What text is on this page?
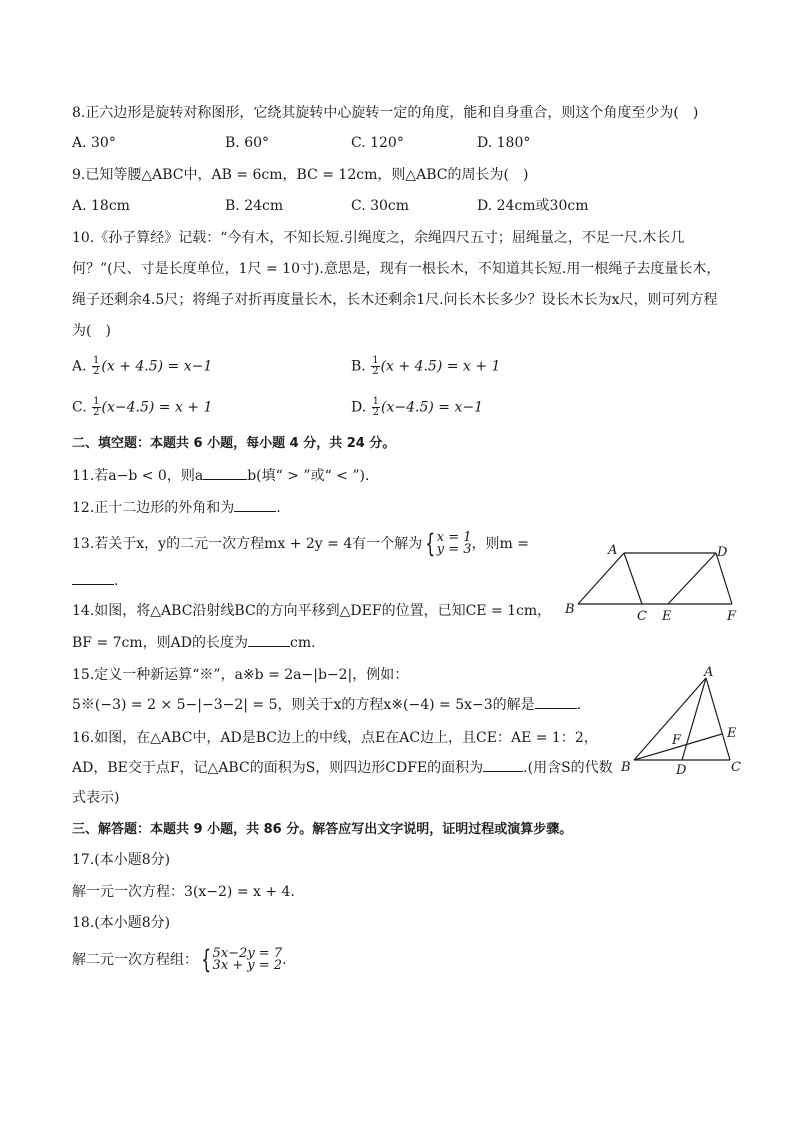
8.正六边形是旋转对称图形，它绕其旋转中心旋转一定的角度，能和自身重合，则这个角度至少为(　)
A. 30°	B. 60°	C. 120°	D. 180°
9.已知等腰△ABC中，AB = 6cm，BC = 12cm，则△ABC的周长为(　)
A. 18cm	B. 24cm	C. 30cm	D. 24cm或30cm
10.《孙子算经》记载：“今有木，不知长短.引绳度之，余绳四尺五寸；屈绳量之，不足一尺.木长几
何？”(尺、寸是长度单位，1尺 = 10寸).意思是，现有一根长木，不知道其长短.用一根绳子去度量长木，
绳子还剩余4.5尺；将绳子对折再度量长木，长木还剩余1尺.问长木长多少？设长木长为x尺，则可列方程
为(　)
A. $\frac{1}{2} (x + 4.5) = x-1$	B. $\frac{1}{2} (x + 4.5) = x + 1$
C. $\frac{1}{2} (x-4.5) = x + 1$	D. $\frac{1}{2} (x-4.5) = x-1$
二、填空题：本题共 6 小题，每小题 4 分，共 24 分。
11.若a−b < 0，则a	b(填“ > ”或“ < ”)．
12.正十二边形的外角和为	.
13.若关于x，y的二元一次方程mx + 2y = 4有一个解为 { x = 1
y = 3 ，则m =
.
14.如图，将△ABC沿射线BC的方向平移到△DEF的位置，已知CE = 1cm，
BF = 7cm，则AD的长度为	cm.
15.定义一种新运算“※”，a※b = 2a−|b−2|，例如：
5※(−3) = 2 × 5−|−3−2| = 5，则关于x的方程x※(−4) = 5x−3的解是	.
16.如图，在△ABC中，AD是BC边上的中线，点E在AC边上，且CE：AE = 1：2，
AD，BE交于点F，记△ABC的面积为S，则四边形CDFE的面积为	.(用含S的代数
式表示)
三、解答题：本题共 9 小题，共 86 分。解答应写出文字说明，证明过程或演算步骤。
17.(本小题8分)
解一元一次方程：3(x−2) = x + 4.
18.(本小题8分)
解二元一次方程组： { 5x−2y = 7
3x + y = 2 .
A	D
B	C E	F
A
E
F
B	D	C
